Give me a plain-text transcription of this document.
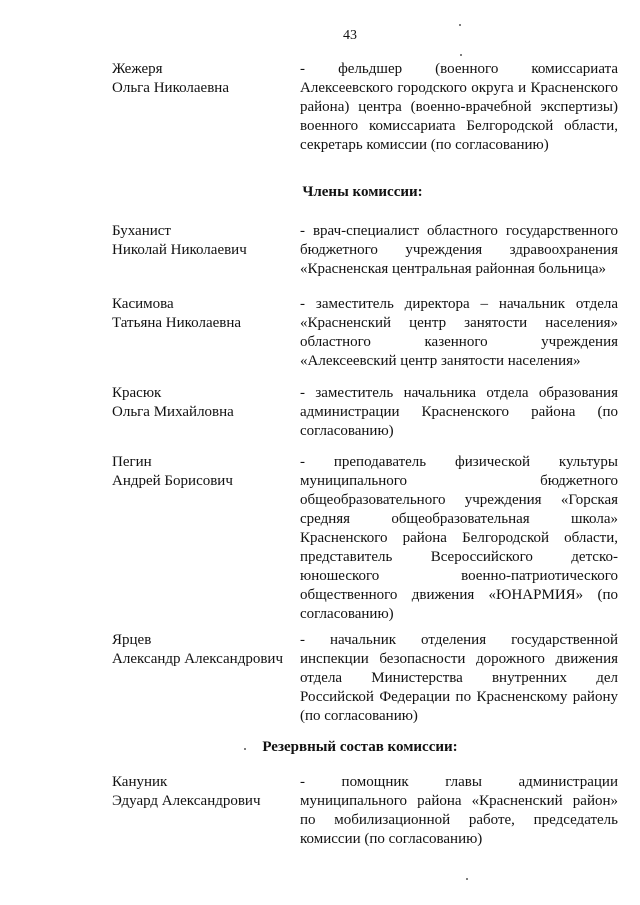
43
Жежеря
Ольга Николаевна
- фельдшер (военного комиссариата Алексеевского городского округа и Красненского района) центра (военно-врачебной экспертизы) военного комиссариата Белгородской области, секретарь комиссии (по согласованию)
Члены комиссии:
Буханист
Николай Николаевич
- врач-специалист областного государственного бюджетного учреждения здравоохранения «Красненская центральная районная больница»
Касимова
Татьяна Николаевна
- заместитель директора – начальник отдела «Красненский центр занятости населения» областного казенного учреждения «Алексеевский центр занятости населения»
Красюк
Ольга Михайловна
- заместитель начальника отдела образования администрации Красненского района (по согласованию)
Пегин
Андрей Борисович
- преподаватель физической культуры муниципального бюджетного общеобразовательного учреждения «Горская средняя общеобразовательная школа» Красненского района Белгородской области, представитель Всероссийского детско-юношеского военно-патриотического общественного движения «ЮНАРМИЯ» (по согласованию)
Ярцев
Александр Александрович
- начальник отделения государственной инспекции безопасности дорожного движения отдела Министерства внутренних дел Российской Федерации по Красненскому району (по согласованию)
Резервный состав комиссии:
Кануник
Эдуард Александрович
- помощник главы администрации муниципального района «Красненский район» по мобилизационной работе, председатель комиссии (по согласованию)
